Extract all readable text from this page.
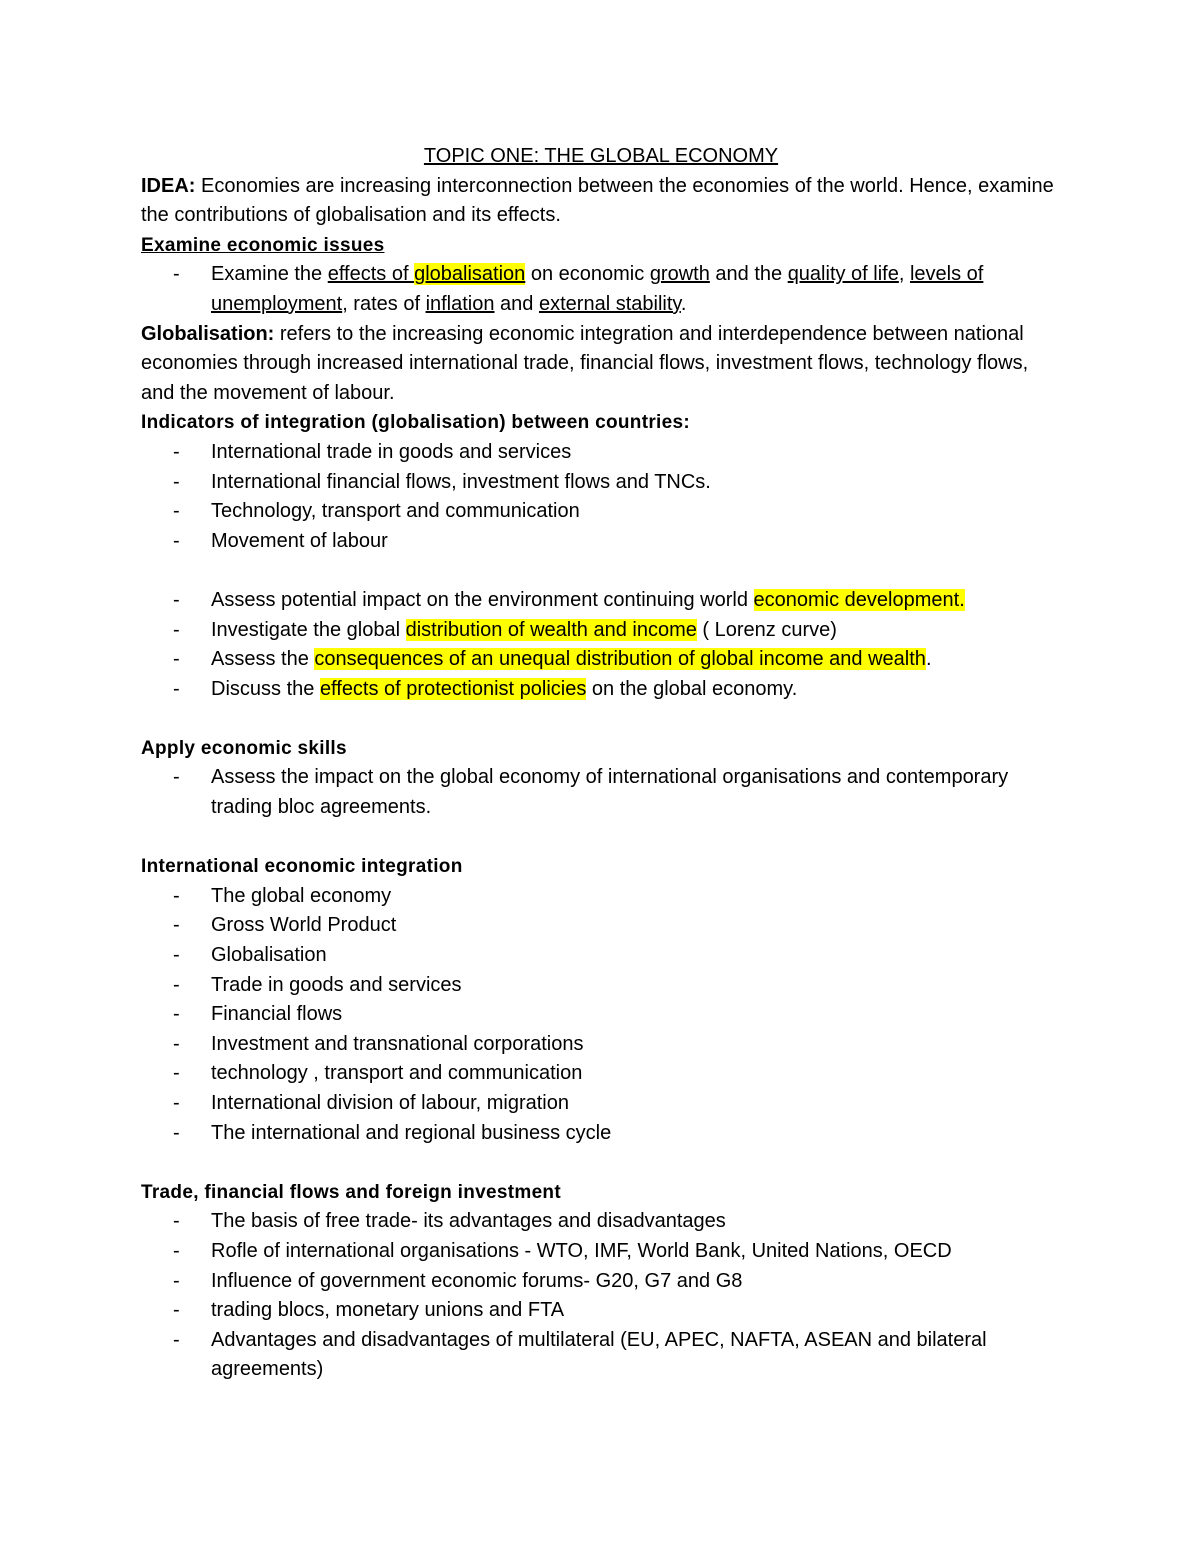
TOPIC ONE: THE GLOBAL ECONOMY

IDEA: Economies are increasing interconnection between the economies of the world. Hence, examine the contributions of globalisation and its effects.

Examine economic issues

- Examine the effects of globalisation on economic growth and the quality of life, levels of unemployment, rates of inflation and external stability.

Globalisation: refers to the increasing economic integration and interdependence between national economies through increased international trade, financial flows, investment flows, technology flows, and the movement of labour.

Indicators of integration (globalisation) between countries:

- International trade in goods and services
- International financial flows, investment flows and TNCs.
- Technology, transport and communication
- Movement of labour
- Assess potential impact on the environment continuing world economic development.
- Investigate the global distribution of wealth and income ( Lorenz curve)
- Assess the consequences of an unequal distribution of global income and wealth.
- Discuss the effects of protectionist policies on the global economy.

Apply economic skills

- Assess the impact on the global economy of international organisations and contemporary trading bloc agreements.

International economic integration

- The global economy
- Gross World Product
- Globalisation
- Trade in goods and services
- Financial flows
- Investment and transnational corporations
- technology , transport and communication
- International division of labour, migration
- The international and regional business cycle

Trade, financial flows and foreign investment

- The basis of free trade- its advantages and disadvantages
- Rofle of international organisations - WTO, IMF, World Bank, United Nations, OECD
- Influence of government economic forums- G20, G7 and G8
- trading blocs, monetary unions and FTA
- Advantages and disadvantages of multilateral (EU, APEC, NAFTA, ASEAN and bilateral agreements)
